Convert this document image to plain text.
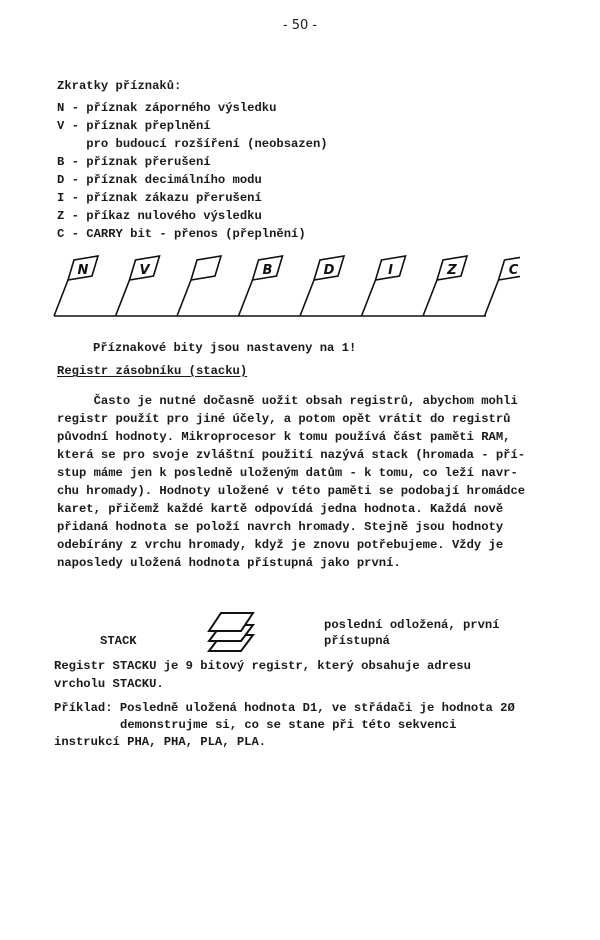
- 50 -
Zkratky příznaků:
N - příznak záporného výsledku
V - příznak přeplnění
pro budoucí rozšíření (neobsazen)
B - příznak přerušení
D - příznak decimálního modu
I - příznak zákazu přerušení
Z - příkaz nulového výsledku
C - CARRY bit - přenos (přeplnění)
N	V	B	D	I	Z	C
Příznakové bity jsou nastaveny na 1!
Registr zásobníku (stacku)
Často je nutné dočasně uožit obsah registrů, abychom mohli
registr použít pro jiné účely, a potom opět vrátit do registrů
původní hodnoty. Mikroprocesor k tomu používá část paměti RAM,
která se pro svoje zvláštní použití nazývá stack (hromada - pří-
stup máme jen k posledně uloženým datům - k tomu, co leží navr-
chu hromady). Hodnoty uložené v této paměti se podobají hromádce
karet, přičemž každé kartě odpovídá jedna hodnota. Každá nově
přidaná hodnota se položí navrch hromady. Stejně jsou hodnoty
odebírány z vrchu hromady, když je znovu potřebujeme. Vždy je
naposledy uložená hodnota přístupná jako první.
STACK
poslední odložená, první
přístupná
Registr STACKU je 9 bitový registr, který obsahuje adresu
vrcholu STACKU.
Příklad: Posledně uložená hodnota D1, ve střádači je hodnota 2Ø
demonstrujme si, co se stane při této sekvenci
instrukcí PHA, PHA, PLA, PLA.
